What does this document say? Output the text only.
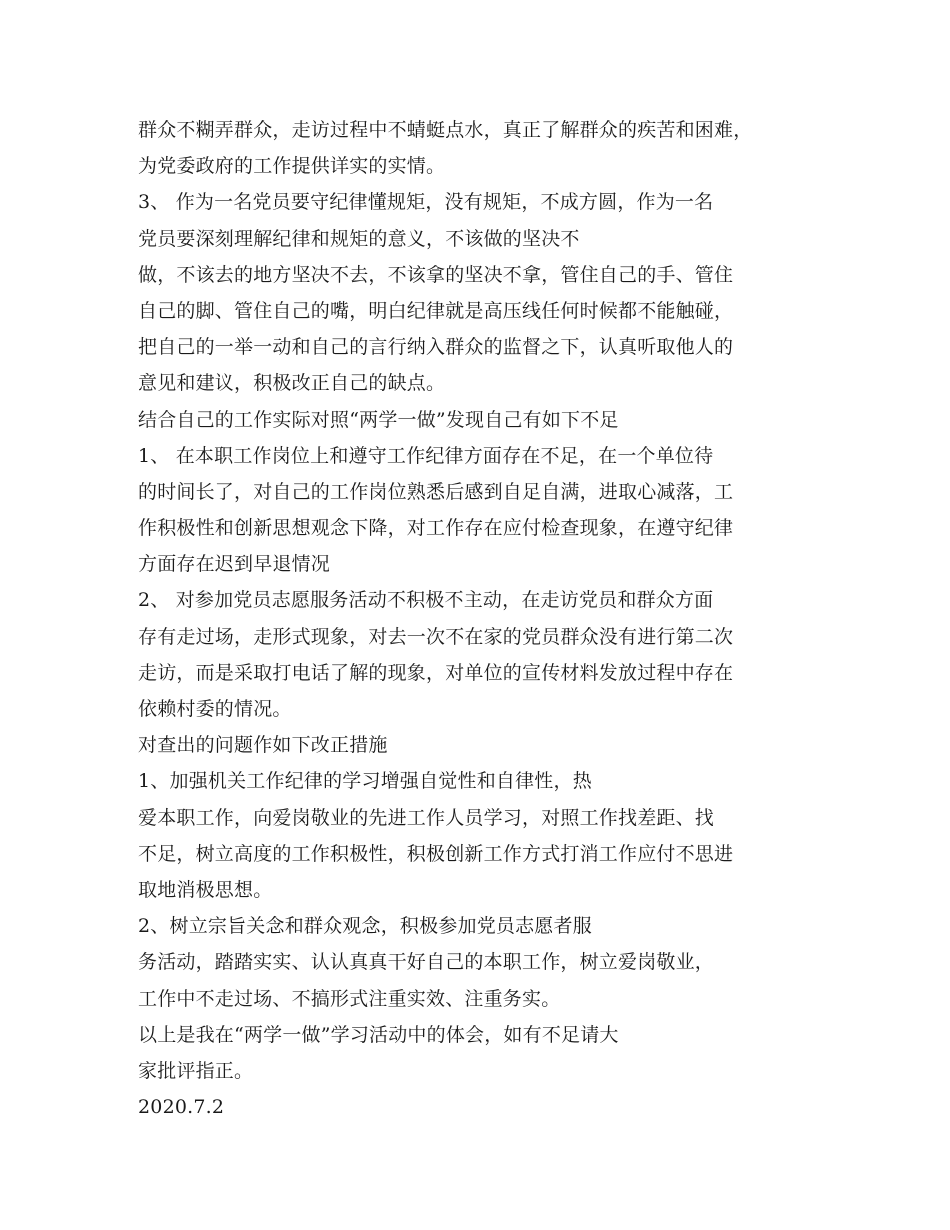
群众不糊弄群众，走访过程中不蜻蜓点水，真正了解群众的疾苦和困难，
为党委政府的工作提供详实的实情。
3、 作为一名党员要守纪律懂规矩，没有规矩，不成方圆，作为一名
党员要深刻理解纪律和规矩的意义，不该做的坚决不
做，不该去的地方坚决不去，不该拿的坚决不拿，管住自己的手、管住
自己的脚、管住自己的嘴，明白纪律就是高压线任何时候都不能触碰，
把自己的一举一动和自己的言行纳入群众的监督之下，认真听取他人的
意见和建议，积极改正自己的缺点。
结合自己的工作实际对照“两学一做”发现自己有如下不足
1、 在本职工作岗位上和遵守工作纪律方面存在不足，在一个单位待
的时间长了，对自己的工作岗位熟悉后感到自足自满，进取心减落，工
作积极性和创新思想观念下降，对工作存在应付检查现象，在遵守纪律
方面存在迟到早退情况
2、 对参加党员志愿服务活动不积极不主动，在走访党员和群众方面
存有走过场，走形式现象，对去一次不在家的党员群众没有进行第二次
走访，而是采取打电话了解的现象，对单位的宣传材料发放过程中存在
依赖村委的情况。
对查出的问题作如下改正措施
1、加强机关工作纪律的学习增强自觉性和自律性，热
爱本职工作，向爱岗敬业的先进工作人员学习，对照工作找差距、找
不足，树立高度的工作积极性，积极创新工作方式打消工作应付不思进
取地消极思想。
2、树立宗旨关念和群众观念，积极参加党员志愿者服
务活动，踏踏实实、认认真真干好自己的本职工作，树立爱岗敬业，
工作中不走过场、不搞形式注重实效、注重务实。
以上是我在“两学一做”学习活动中的体会，如有不足请大
家批评指正。
2020.7.2
